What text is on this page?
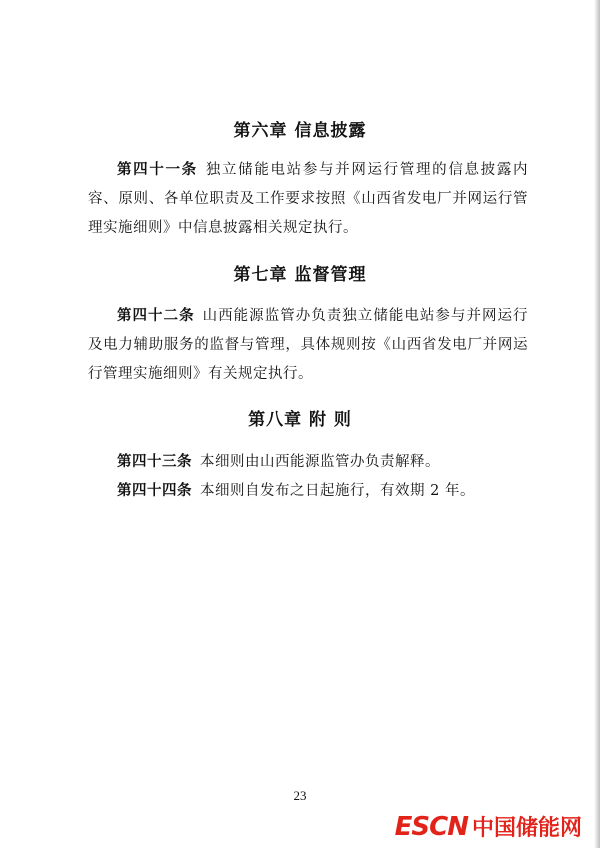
第六章 信息披露
第四十一条 独立储能电站参与并网运行管理的信息披露内容、原则、各单位职责及工作要求按照《山西省发电厂并网运行管理实施细则》中信息披露相关规定执行。
第七章 监督管理
第四十二条 山西能源监管办负责独立储能电站参与并网运行及电力辅助服务的监督与管理，具体规则按《山西省发电厂并网运行管理实施细则》有关规定执行。
第八章 附 则
第四十三条 本细则由山西能源监管办负责解释。
第四十四条 本细则自发布之日起施行，有效期 2 年。
23
ESCN 中国储能网
